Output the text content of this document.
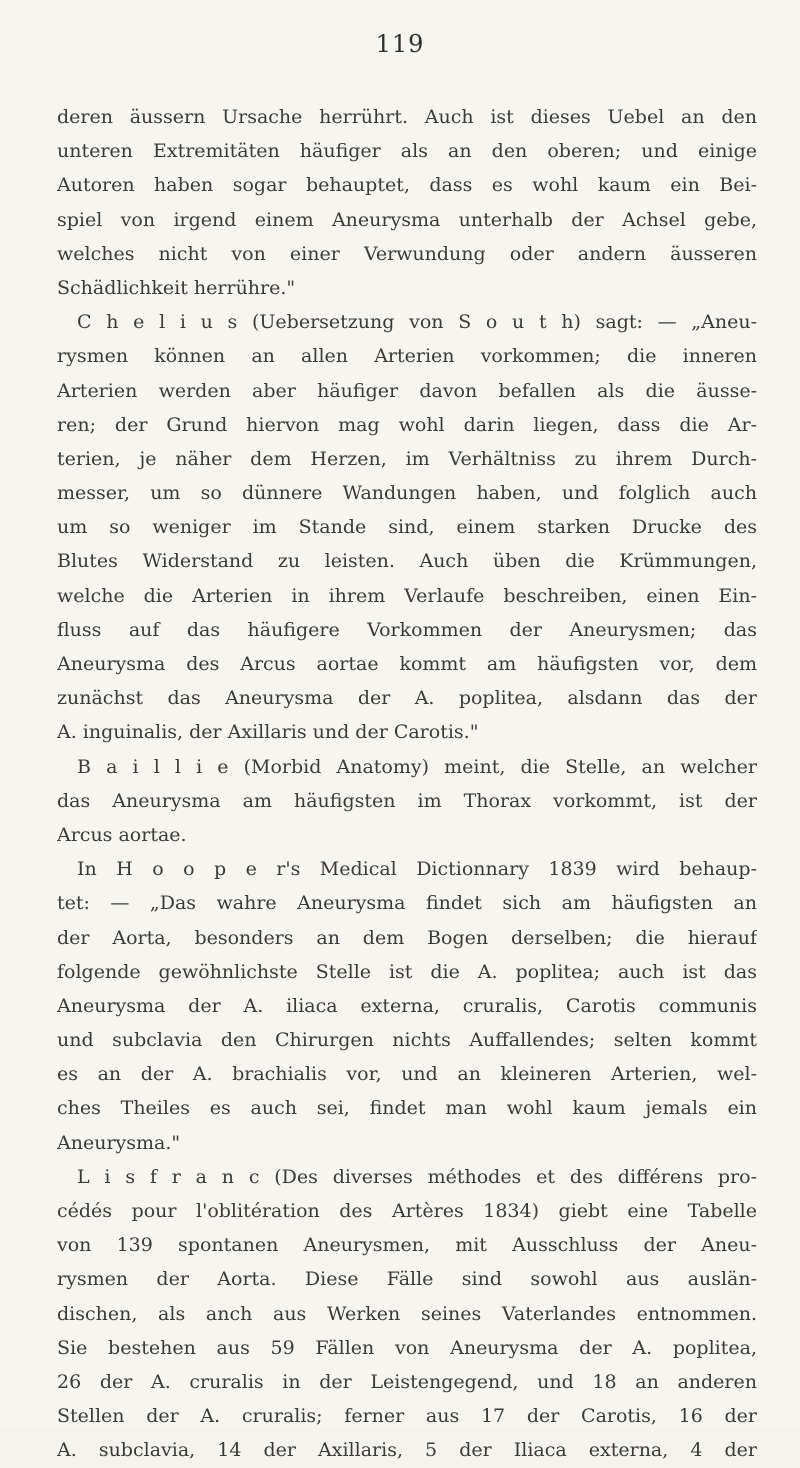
119
deren äussern Ursache herrührt. Auch ist dieses Uebel an den
unteren Extremitäten häufiger als an den oberen; und einige
Autoren haben sogar behauptet, dass es wohl kaum ein Bei-
spiel von irgend einem Aneurysma unterhalb der Achsel gebe,
welches nicht von einer Verwundung oder andern äusseren
Schädlichkeit herrühre."
C h e l i u s (Uebersetzung von S o u t h) sagt: — „Aneu-
rysmen können an allen Arterien vorkommen; die inneren
Arterien werden aber häufiger davon befallen als die äusse-
ren; der Grund hiervon mag wohl darin liegen, dass die Ar-
terien, je näher dem Herzen, im Verhältniss zu ihrem Durch-
messer, um so dünnere Wandungen haben, und folglich auch
um so weniger im Stande sind, einem starken Drucke des
Blutes Widerstand zu leisten. Auch üben die Krümmungen,
welche die Arterien in ihrem Verlaufe beschreiben, einen Ein-
fluss auf das häufigere Vorkommen der Aneurysmen; das
Aneurysma des Arcus aortae kommt am häufigsten vor, dem
zunächst das Aneurysma der A. poplitea, alsdann das der
A. inguinalis, der Axillaris und der Carotis."
B a i l l i e (Morbid Anatomy) meint, die Stelle, an welcher
das Aneurysma am häufigsten im Thorax vorkommt, ist der
Arcus aortae.
In H o o p e r's Medical Dictionnary 1839 wird behaup-
tet: — „Das wahre Aneurysma findet sich am häufigsten an
der Aorta, besonders an dem Bogen derselben; die hierauf
folgende gewöhnlichste Stelle ist die A. poplitea; auch ist das
Aneurysma der A. iliaca externa, cruralis, Carotis communis
und subclavia den Chirurgen nichts Auffallendes; selten kommt
es an der A. brachialis vor, und an kleineren Arterien, wel-
ches Theiles es auch sei, findet man wohl kaum jemals ein
Aneurysma."
L i s f r a n c (Des diverses méthodes et des différens pro-
cédés pour l'oblitération des Artères 1834) giebt eine Tabelle
von 139 spontanen Aneurysmen, mit Ausschluss der Aneu-
rysmen der Aorta. Diese Fälle sind sowohl aus auslän-
dischen, als anch aus Werken seines Vaterlandes entnommen.
Sie bestehen aus 59 Fällen von Aneurysma der A. poplitea,
26 der A. cruralis in der Leistengegend, und 18 an anderen
Stellen der A. cruralis; ferner aus 17 der Carotis, 16 der
A. subclavia, 14 der Axillaris, 5 der Iliaca externa, 4 der
